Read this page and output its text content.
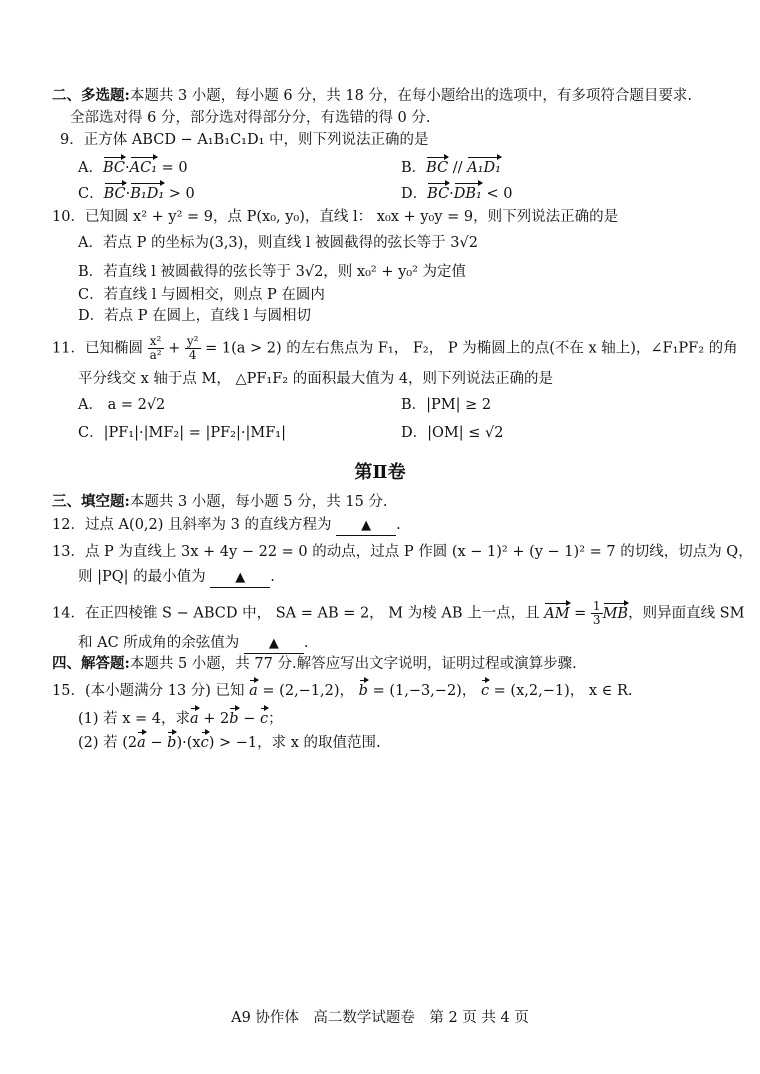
二、多选题:本题共 3 小题，每小题 6 分，共 18 分，在每小题给出的选项中，有多项符合题目要求.
全部选对得 6 分，部分选对得部分分，有选错的得 0 分.
9．正方体 ABCD − A₁B₁C₁D₁ 中，则下列说法正确的是
A．BC·AC₁ = 0	B．BC // A₁D₁
C．BC·B₁D₁ > 0	D．BC·DB₁ < 0
10．已知圆 x² + y² = 9，点 P(x₀, y₀)，直线 l： x₀x + y₀y = 9，则下列说法正确的是
A．若点 P 的坐标为(3,3)，则直线 l 被圆截得的弦长等于 3√2
B．若直线 l 被圆截得的弦长等于 3√2，则 x₀² + y₀² 为定值
C．若直线 l 与圆相交，则点 P 在圆内
D．若点 P 在圆上，直线 l 与圆相切
11．已知椭圆 $\frac{\text{x²}}{\text{a²}} + \frac{\text{y²}}{4} = 1(a > 2)$ 的左右焦点为 F₁， F₂， P 为椭圆上的点(不在 x 轴上)，∠F₁PF₂ 的角
平分线交 x 轴于点 M， △PF₁F₂ 的面积最大值为 4，则下列说法正确的是
A． a = 2√2	B．|PM| ≥ 2
C．|PF₁|·|MF₂| = |PF₂|·|MF₁|	D．|OM| ≤ √2
第Ⅱ卷
三、填空题:本题共 3 小题，每小题 5 分，共 15 分.
12．过点 A(0,2) 且斜率为 3 的直线方程为 ▲ .
13．点 P 为直线上 3x + 4y − 22 = 0 的动点，过点 P 作圆 (x − 1)² + (y − 1)² = 7 的切线，切点为 Q，
则 |PQ| 的最小值为 ▲ .
14．在正四棱锥 S − ABCD 中， SA = AB = 2， M 为棱 AB 上一点，且 AM = $\frac{1}{3}$ MB，则异面直线 SM
和 AC 所成角的余弦值为 ▲ .
四、解答题:本题共 5 小题，共 77 分.解答应写出文字说明，证明过程或演算步骤.
15．(本小题满分 13 分) 已知 a = (2,−1,2)， b = (1,−3,−2)， c = (x,2,−1)， x ∈ R.
(1) 若 x = 4，求a + 2b − c；
(2) 若 (2a − b)·(xc) > −1，求 x 的取值范围.
A9 协作体　高二数学试题卷　第 2 页 共 4 页
